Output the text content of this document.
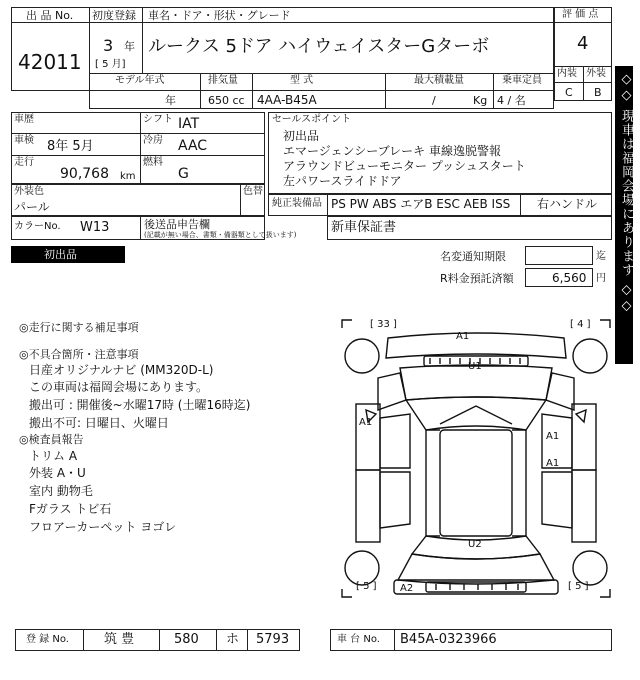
出 品 No.
42011
初度登録
3 年
[ 5 月]
車名・ドア・形状・グレード
ルークス 5ドア ハイウェイスターGターボ
モデル年式
年
排気量
650 cc
型 式
4AA-B45A
最大積載量
/	Kg
乗車定員
4 / 名
評 価 点
4
内装 外装
C B ◇◇ 現車は福岡会場にあります ◇◇
車歴
車検 8年 5月
走行
90,768 km
シフト IAT
冷房 AAC
燃料
G
外装色
パール
色替
カラーNo. W13	後送品申告欄
(記載が無い場合、書類・備器類として扱います)
セールスポイント
初出品
エマージェンシーブレーキ 車線逸脱警報
アラウンドビューモニター プッシュスタート
左パワースライドドア
純正装備品 PS PW ABS エアB ESC AEB ISS 右ハンドル
新車保証書
初出品	名変通知期限	迄
R料金預託済額	6,560 円
◎走行に関する補足事項
◎不具合箇所・注意事項
日産オリジナルナビ (MM320D-L)
この車両は福岡会場にあります。
搬出可 : 開催後~水曜17時 (土曜16時迄)
搬出不可: 日曜日、火曜日
◎検査員報告
トリム A
外装 A・U
室内 動物毛
Fガラス トビ石
フロアーカーペット ヨゴレ
[ 33 ]	[ 4 ]
[ 5 ]	[ 5 ]
A1
U1
A1
A1
A1
U2
A2
登 録 No.	筑 豊	580 ホ 5793	車 台 No. B45A-0323966
